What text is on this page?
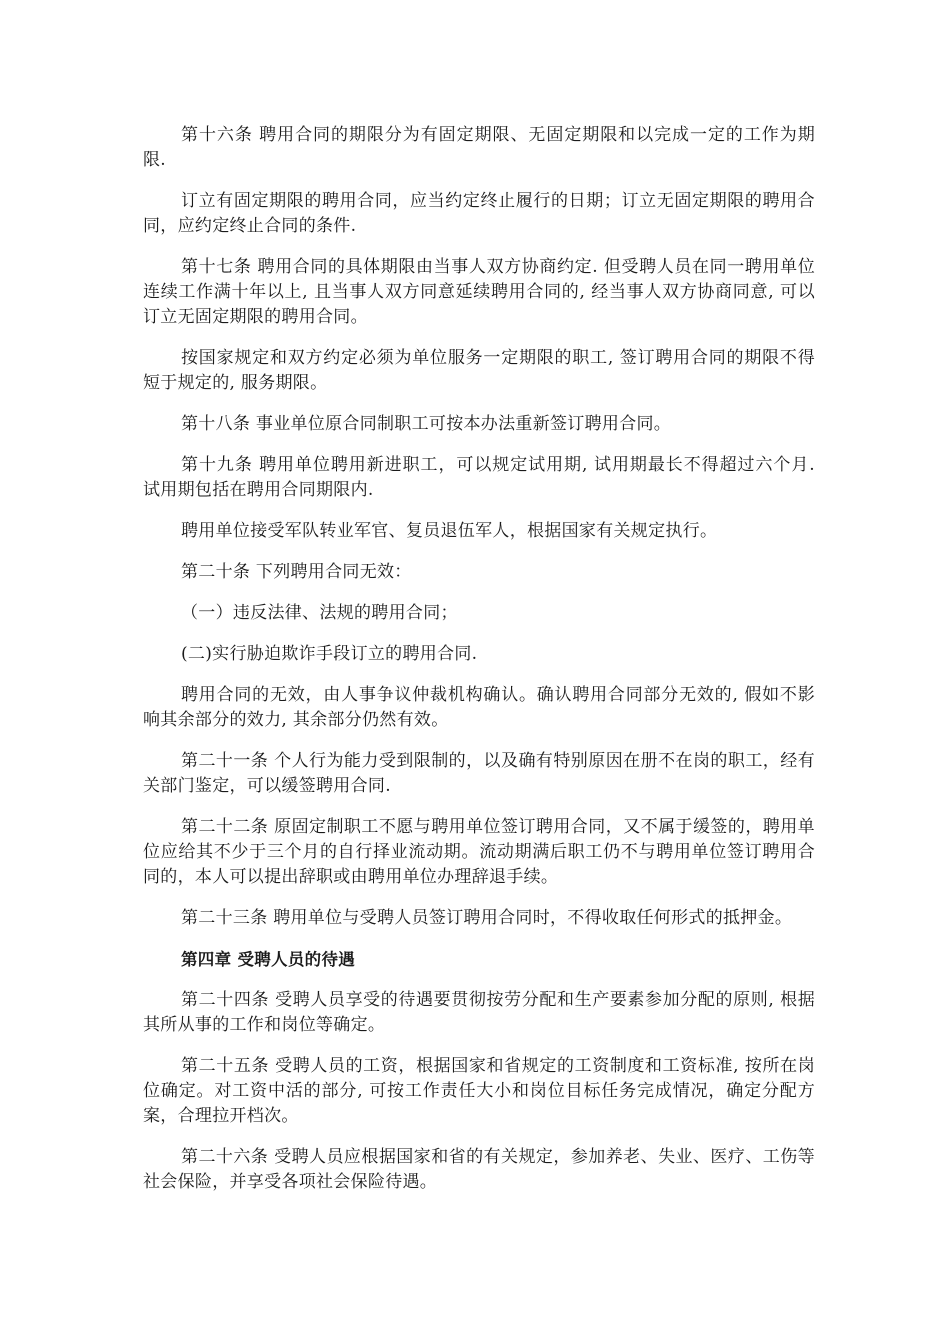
第十六条 聘用合同的期限分为有固定期限、无固定期限和以完成一定的工作为期限.

订立有固定期限的聘用合同，应当约定终止履行的日期；订立无固定期限的聘用合同，应约定终止合同的条件.

第十七条 聘用合同的具体期限由当事人双方协商约定. 但受聘人员在同一聘用单位连续工作满十年以上, 且当事人双方同意延续聘用合同的, 经当事人双方协商同意, 可以订立无固定期限的聘用合同。

按国家规定和双方约定必须为单位服务一定期限的职工, 签订聘用合同的期限不得短于规定的, 服务期限。

第十八条 事业单位原合同制职工可按本办法重新签订聘用合同。

第十九条 聘用单位聘用新进职工，可以规定试用期, 试用期最长不得超过六个月. 试用期包括在聘用合同期限内.

聘用单位接受军队转业军官、复员退伍军人，根据国家有关规定执行。

第二十条 下列聘用合同无效：

（一）违反法律、法规的聘用合同；

(二)实行胁迫欺诈手段订立的聘用合同.

聘用合同的无效，由人事争议仲裁机构确认。确认聘用合同部分无效的, 假如不影响其余部分的效力, 其余部分仍然有效。

第二十一条 个人行为能力受到限制的，以及确有特别原因在册不在岗的职工，经有关部门鉴定，可以缓签聘用合同.

第二十二条 原固定制职工不愿与聘用单位签订聘用合同，又不属于缓签的，聘用单位应给其不少于三个月的自行择业流动期。流动期满后职工仍不与聘用单位签订聘用合同的，本人可以提出辞职或由聘用单位办理辞退手续。

第二十三条 聘用单位与受聘人员签订聘用合同时，不得收取任何形式的抵押金。

第四章 受聘人员的待遇

第二十四条 受聘人员享受的待遇要贯彻按劳分配和生产要素参加分配的原则, 根据其所从事的工作和岗位等确定。

第二十五条 受聘人员的工资，根据国家和省规定的工资制度和工资标准, 按所在岗位确定。对工资中活的部分, 可按工作责任大小和岗位目标任务完成情况，确定分配方案，合理拉开档次。

第二十六条 受聘人员应根据国家和省的有关规定，参加养老、失业、医疗、工伤等社会保险，并享受各项社会保险待遇。
